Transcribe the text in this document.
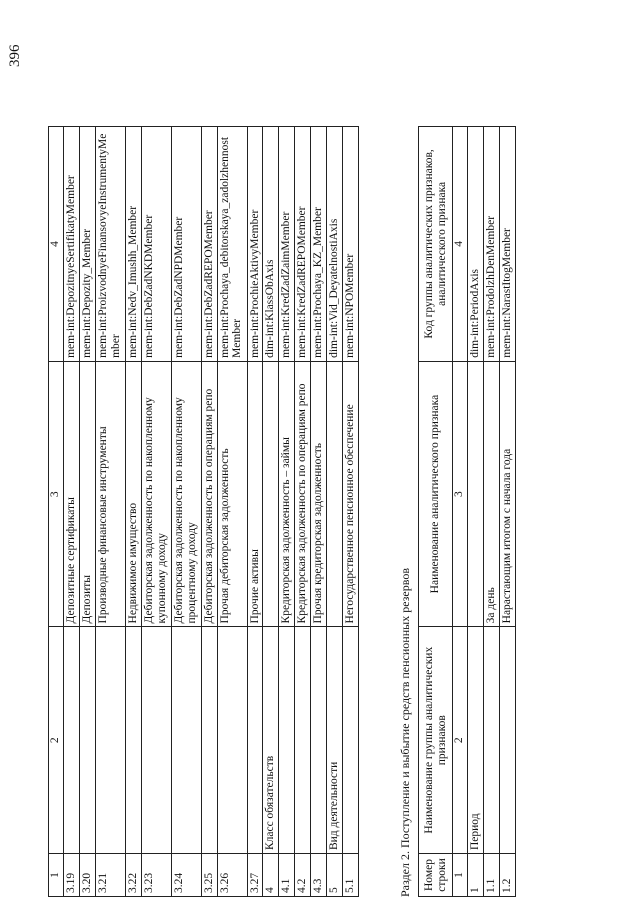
396
1	2	3	4
3.19		Депозитные сертификаты	mem-int:DepozitnyeSertifikatyMember
3.20		Депозиты	mem-int:Depozity_Member
3.21		Производные финансовые инструменты	mem-int:ProizvodnyeFinansovyeInstrumentyMember
3.22		Недвижимое имущество	mem-int:Nedv_Imushh_Member
3.23		Дебиторская задолженность по накопленному купонному доходу	mem-int:DebZadNKDMember
3.24		Дебиторская задолженность по накопленному процентному доходу	mem-int:DebZadNPDMember
3.25		Дебиторская задолженность по операциям репо	mem-int:DebZadREPOMember
3.26		Прочая дебиторская задолженность	mem-int:Prochaya_debitorskaya_zadolzhennost Member
3.27		Прочие активы	mem-int:ProchieAktivyMember
4	Класс обязательств		dim-int:KlassObAxis
4.1		Кредиторская задолженность – займы	mem-int:KredZadZaimMember
4.2		Кредиторская задолженность по операциям репо	mem-int:KredZadREPOMember
4.3		Прочая кредиторская задолженность	mem-int:Prochaya_KZ_Member
5	Вид деятельности		dim-int:Vid_DeyatelnostiAxis
5.1		Негосударственное пенсионное обеспечение	mem-int:NPOMember
Раздел 2. Поступление и выбытие средств пенсионных резервов Номер строки	Наименование группы аналитических признаков	Наименование аналитического признака	Код группы аналитических признаков, аналитического признака
1	2	3	4
1	Период		dim-int:PeriodAxis
1.1		За день	mem-int:ProdolzhDenMember
1.2		Нарастающим итогом с начала года	mem-int:NarastItogMember
